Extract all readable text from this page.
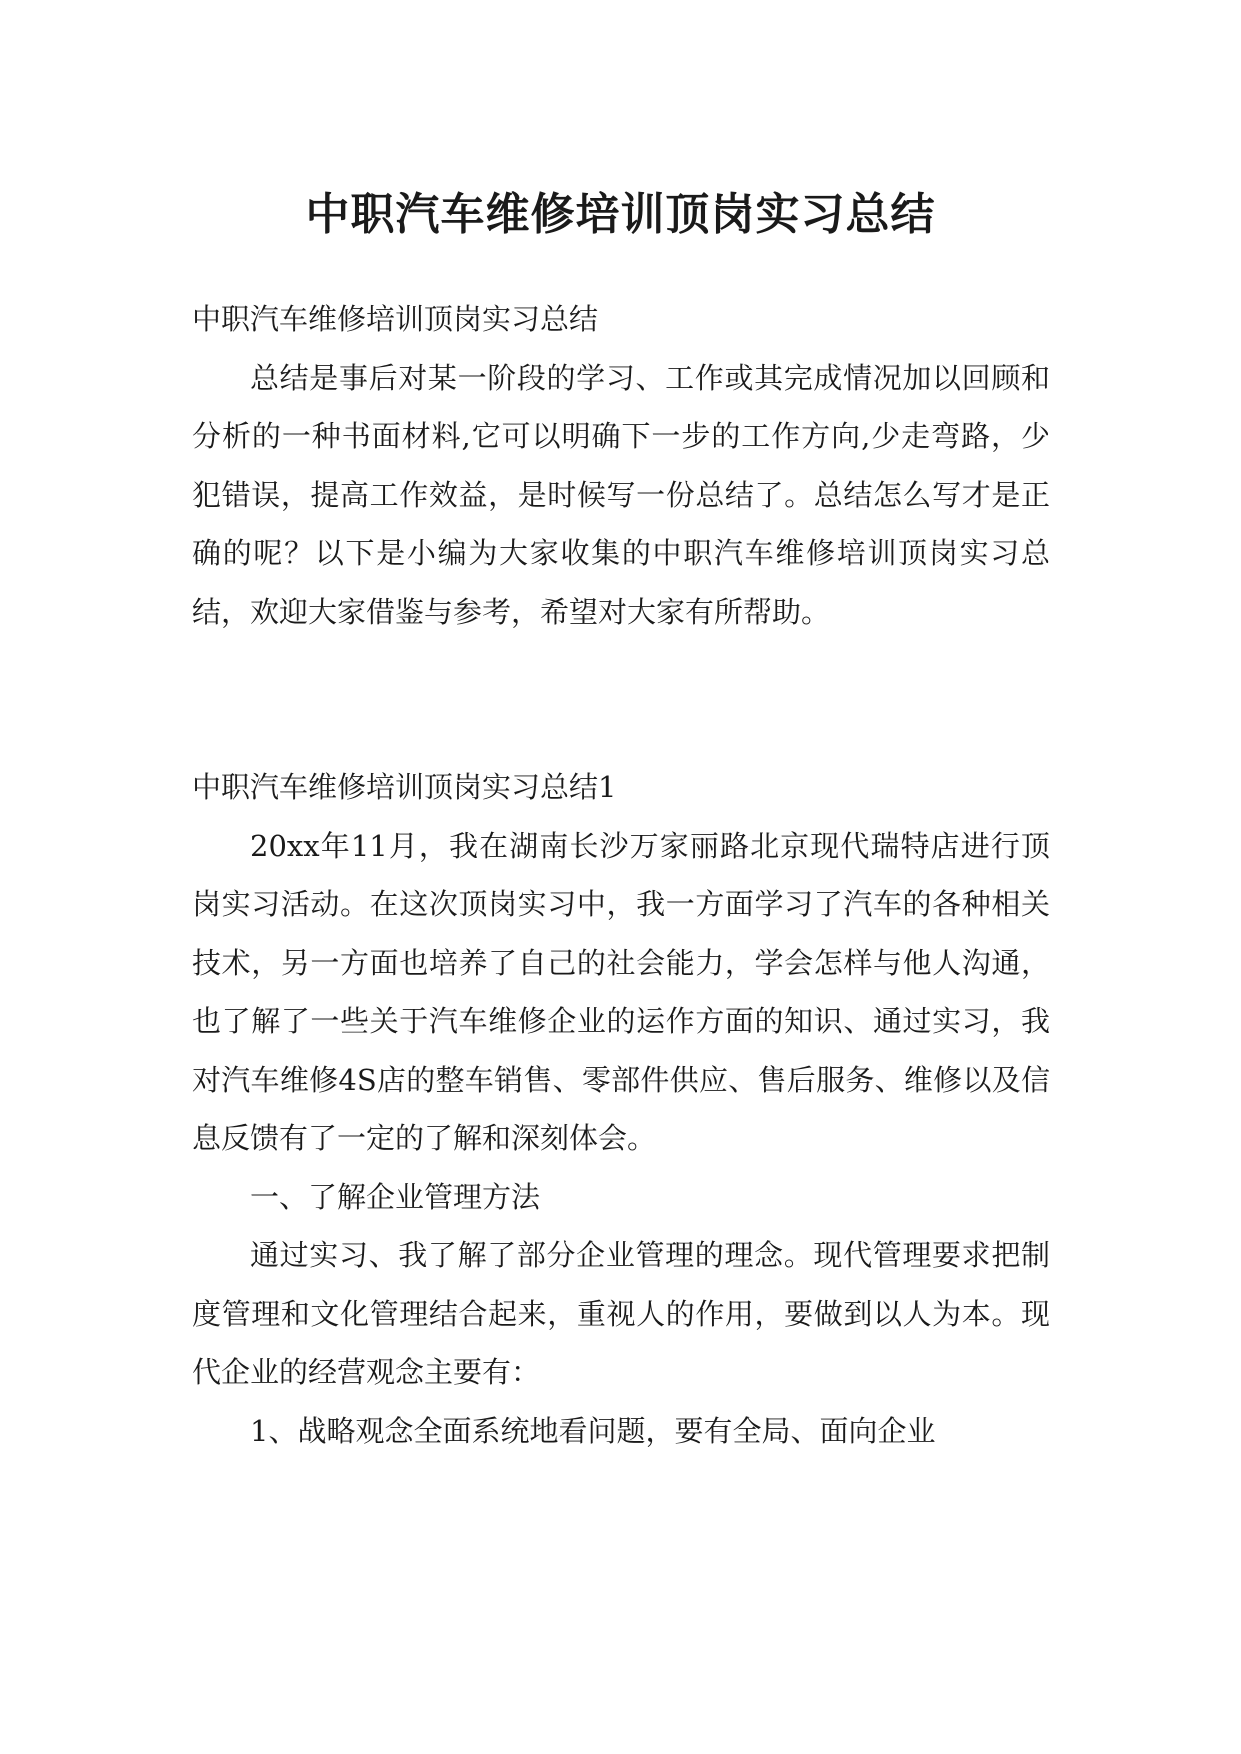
中职汽车维修培训顶岗实习总结

中职汽车维修培训顶岗实习总结

总结是事后对某一阶段的学习、工作或其完成情况加以回顾和分析的一种书面材料,它可以明确下一步的工作方向,少走弯路，少犯错误，提高工作效益，是时候写一份总结了。总结怎么写才是正确的呢？以下是小编为大家收集的中职汽车维修培训顶岗实习总结，欢迎大家借鉴与参考，希望对大家有所帮助。

中职汽车维修培训顶岗实习总结1

20xx年11月，我在湖南长沙万家丽路北京现代瑞特店进行顶岗实习活动。在这次顶岗实习中，我一方面学习了汽车的各种相关技术，另一方面也培养了自己的社会能力，学会怎样与他人沟通，也了解了一些关于汽车维修企业的运作方面的知识、通过实习，我对汽车维修4S店的整车销售、零部件供应、售后服务、维修以及信息反馈有了一定的了解和深刻体会。

一、了解企业管理方法

通过实习、我了解了部分企业管理的理念。现代管理要求把制度管理和文化管理结合起来，重视人的作用，要做到以人为本。现代企业的经营观念主要有：

1、战略观念全面系统地看问题，要有全局、面向企业
